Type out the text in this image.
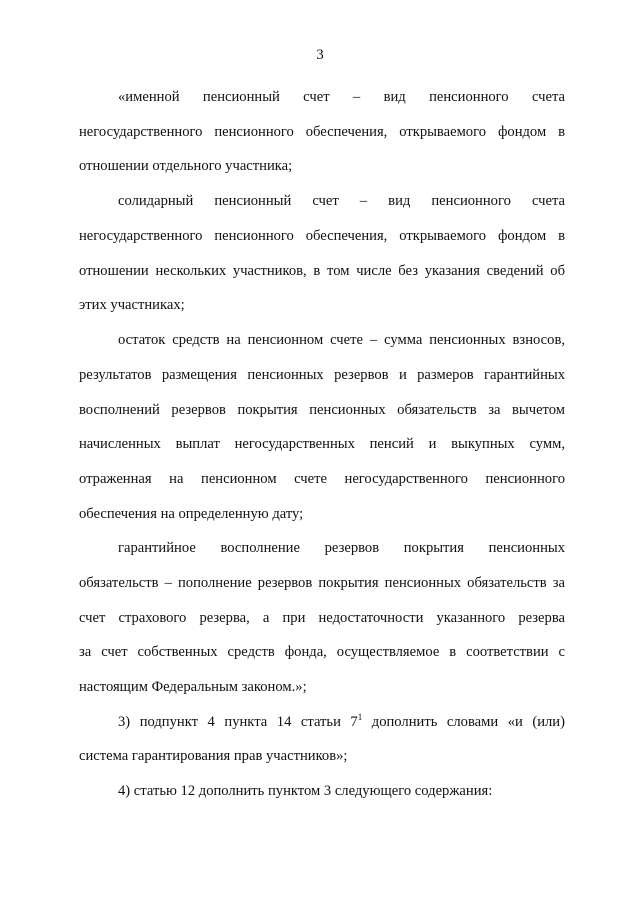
3
«именной пенсионный счет – вид пенсионного счета
негосударственного пенсионного обеспечения, открываемого фондом в
отношении отдельного участника;
солидарный пенсионный счет – вид пенсионного счета
негосударственного пенсионного обеспечения, открываемого фондом в
отношении нескольких участников, в том числе без указания сведений об
этих участниках;
остаток средств на пенсионном счете – сумма пенсионных взносов,
результатов размещения пенсионных резервов и размеров гарантийных
восполнений резервов покрытия пенсионных обязательств за вычетом
начисленных выплат негосударственных пенсий и выкупных сумм,
отраженная на пенсионном счете негосударственного пенсионного
обеспечения на определенную дату;
гарантийное восполнение резервов покрытия пенсионных
обязательств – пополнение резервов покрытия пенсионных обязательств за
счет страхового резерва, а при недостаточности указанного резерва
за счет собственных средств фонда, осуществляемое в соответствии с
настоящим Федеральным законом.»;
3) подпункт 4 пункта 14 статьи $7^1$ дополнить словами «и (или)
система гарантирования прав участников»;
4) статью 12 дополнить пунктом 3 следующего содержания:
